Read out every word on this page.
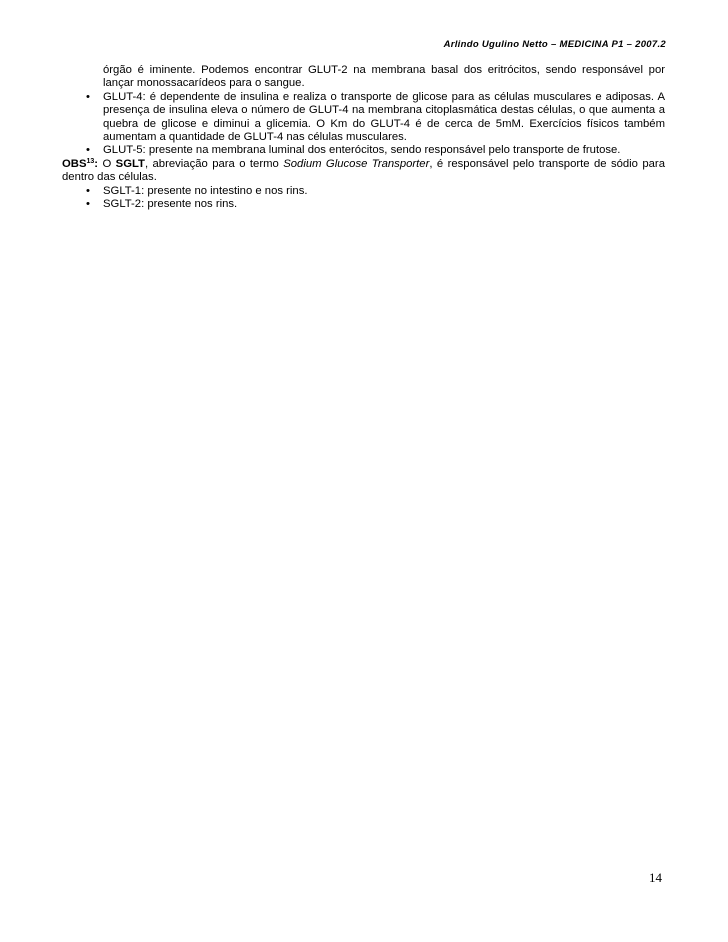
Arlindo Ugulino Netto – MEDICINA P1 – 2007.2

órgão é iminente. Podemos encontrar GLUT-2 na membrana basal dos eritrócitos, sendo responsável por lançar monossacarídeos para o sangue.

• GLUT-4: é dependente de insulina e realiza o transporte de glicose para as células musculares e adiposas. A presença de insulina eleva o número de GLUT-4 na membrana citoplasmática destas células, o que aumenta a quebra de glicose e diminui a glicemia. O Km do GLUT-4 é de cerca de 5mM. Exercícios físicos também aumentam a quantidade de GLUT-4 nas células musculares.
• GLUT-5: presente na membrana luminal dos enterócitos, sendo responsável pelo transporte de frutose.

OBS$^{13}$: O SGLT, abreviação para o termo Sodium Glucose Transporter, é responsável pelo transporte de sódio para dentro das células.

• SGLT-1: presente no intestino e nos rins.
• SGLT-2: presente nos rins.
14
